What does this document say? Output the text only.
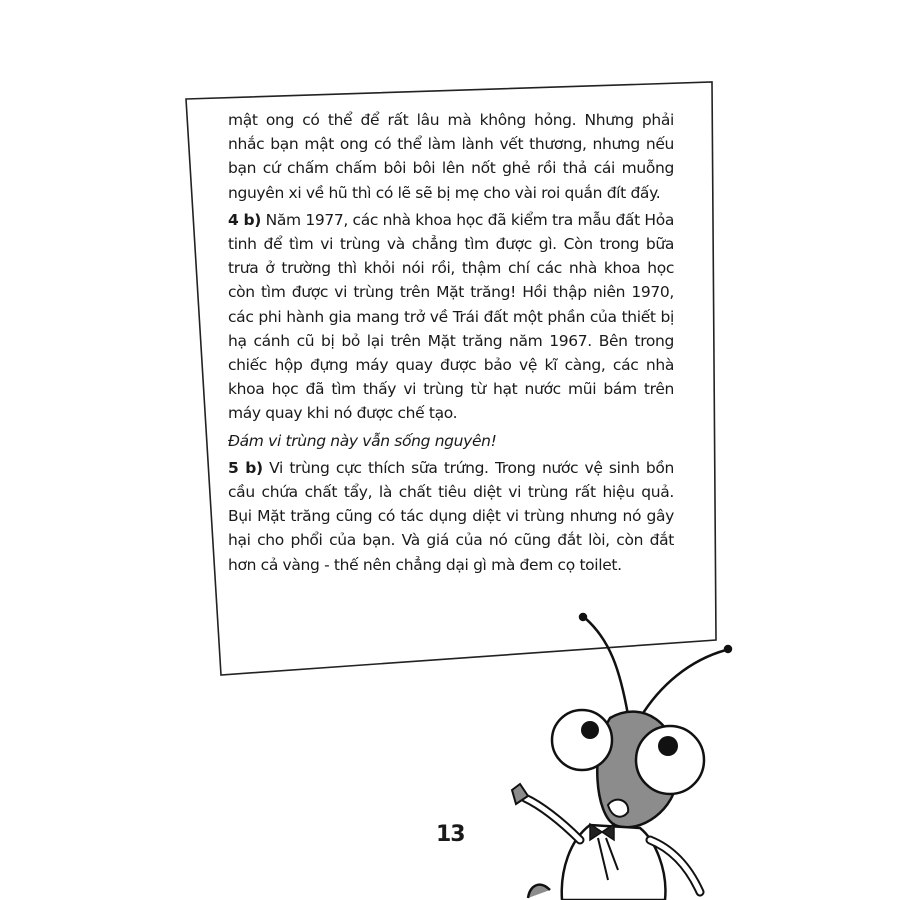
mật ong có thể để rất lâu mà không hỏng. Nhưng phải nhắc bạn mật ong có thể làm lành vết thương, nhưng nếu bạn cứ chấm chấm bôi bôi lên nốt ghẻ rồi thả cái muỗng nguyên xi về hũ thì có lẽ sẽ bị mẹ cho vài roi quắn đít đấy.

4 b) Năm 1977, các nhà khoa học đã kiểm tra mẫu đất Hỏa tinh để tìm vi trùng và chẳng tìm được gì. Còn trong bữa trưa ở trường thì khỏi nói rồi, thậm chí các nhà khoa học còn tìm được vi trùng trên Mặt trăng! Hồi thập niên 1970, các phi hành gia mang trở về Trái đất một phần của thiết bị hạ cánh cũ bị bỏ lại trên Mặt trăng năm 1967. Bên trong chiếc hộp đựng máy quay được bảo vệ kĩ càng, các nhà khoa học đã tìm thấy vi trùng từ hạt nước mũi bám trên máy quay khi nó được chế tạo.

Đám vi trùng này vẫn sống nguyên!

5 b) Vi trùng cực thích sữa trứng. Trong nước vệ sinh bồn cầu chứa chất tẩy, là chất tiêu diệt vi trùng rất hiệu quả. Bụi Mặt trăng cũng có tác dụng diệt vi trùng nhưng nó gây hại cho phổi của bạn. Và giá của nó cũng đắt lòi, còn đắt hơn cả vàng - thế nên chẳng dại gì mà đem cọ toilet.

13
